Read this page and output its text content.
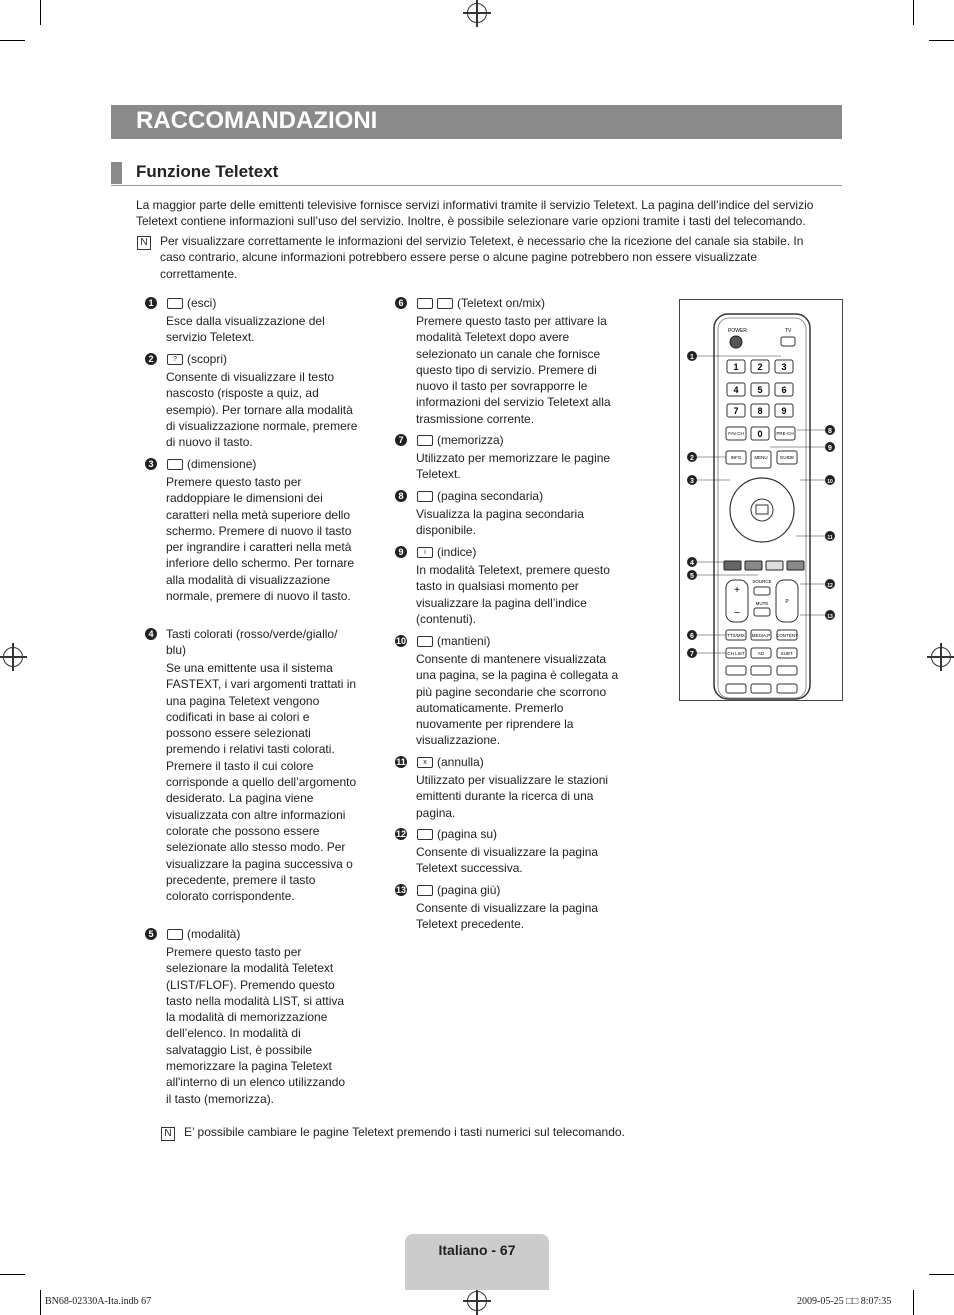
RACCOMANDAZIONI
Funzione Teletext
La maggior parte delle emittenti televisive fornisce servizi informativi tramite il servizio Teletext. La pagina dell’indice del servizio Teletext contiene informazioni sull’uso del servizio. Inoltre, è possibile selezionare varie opzioni tramite i tasti del telecomando.
N Per visualizzare correttamente le informazioni del servizio Teletext, è necessario che la ricezione del canale sia stabile. In caso contrario, alcune informazioni potrebbero essere perse o alcune pagine potrebbero non essere visualizzate correttamente.
1	(esci)
Esce dalla visualizzazione del servizio Teletext.
2	? (scopri)
Consente di visualizzare il testo nascosto (risposte a quiz, ad esempio). Per tornare alla modalità di visualizzazione normale, premere di nuovo il tasto.
3	(dimensione)
Premere questo tasto per raddoppiare le dimensioni dei caratteri nella metà superiore dello schermo. Premere di nuovo il tasto per ingrandire i caratteri nella metà inferiore dello schermo. Per tornare alla modalità di visualizzazione normale, premere di nuovo il tasto.
4 Tasti colorati (rosso/verde/giallo/ blu)
Se una emittente usa il sistema FASTEXT, i vari argomenti trattati in una pagina Teletext vengono codificati in base ai colori e possono essere selezionati premendo i relativi tasti colorati. Premere il tasto il cui colore corrisponde a quello dell’argomento desiderato. La pagina viene visualizzata con altre informazioni colorate che possono essere selezionate allo stesso modo. Per visualizzare la pagina successiva o precedente, premere il tasto colorato corrispondente.
5	(modalità)
Premere questo tasto per selezionare la modalità Teletext (LIST/FLOF). Premendo questo tasto nella modalità LIST, si attiva la modalità di memorizzazione dell’elenco. In modalità di salvataggio List, è possibile memorizzare la pagina Teletext all'interno di un elenco utilizzando il tasto (memorizza).
6	(Teletext on/mix)
Premere questo tasto per attivare la modalità Teletext dopo avere selezionato un canale che fornisce questo tipo di servizio. Premere di nuovo il tasto per sovrapporre le informazioni del servizio Teletext alla trasmissione corrente.
7	(memorizza)
Utilizzato per memorizzare le pagine Teletext.
8	(pagina secondaria)
Visualizza la pagina secondaria disponibile.
9	i (indice)
In modalità Teletext, premere questo tasto in qualsiasi momento per visualizzare la pagina dell’indice (contenuti).
10	(mantieni)
Consente di mantenere visualizzata una pagina, se la pagina è collegata a più pagine secondarie che scorrono automaticamente. Premerlo nuovamente per riprendere la visualizzazione.
11	x (annulla)
Utilizzato per visualizzare le stazioni emittenti durante la ricerca di una pagina.
12	(pagina su)
Consente di visualizzare la pagina Teletext successiva.
13	(pagina giù)
Consente di visualizzare la pagina Teletext precedente.
POWER	TV
1 2 3
4 5 6
7 8 9
0
FAV.CH	PRE-CH
INFO	MENU	GUIDE
+
−
P
SOURCE
MUTE
TTX/MIX MEDIA.P CONTENT
CH LIST	AD	SUBT.
1
2
3
4
5
6
7
8
9
10
11
12
13
N E’ possibile cambiare le pagine Teletext premendo i tasti numerici sul telecomando.
Italiano - 67
BN68-02330A-Ita.indb 67	2009-05-25 □□ 8:07:35
